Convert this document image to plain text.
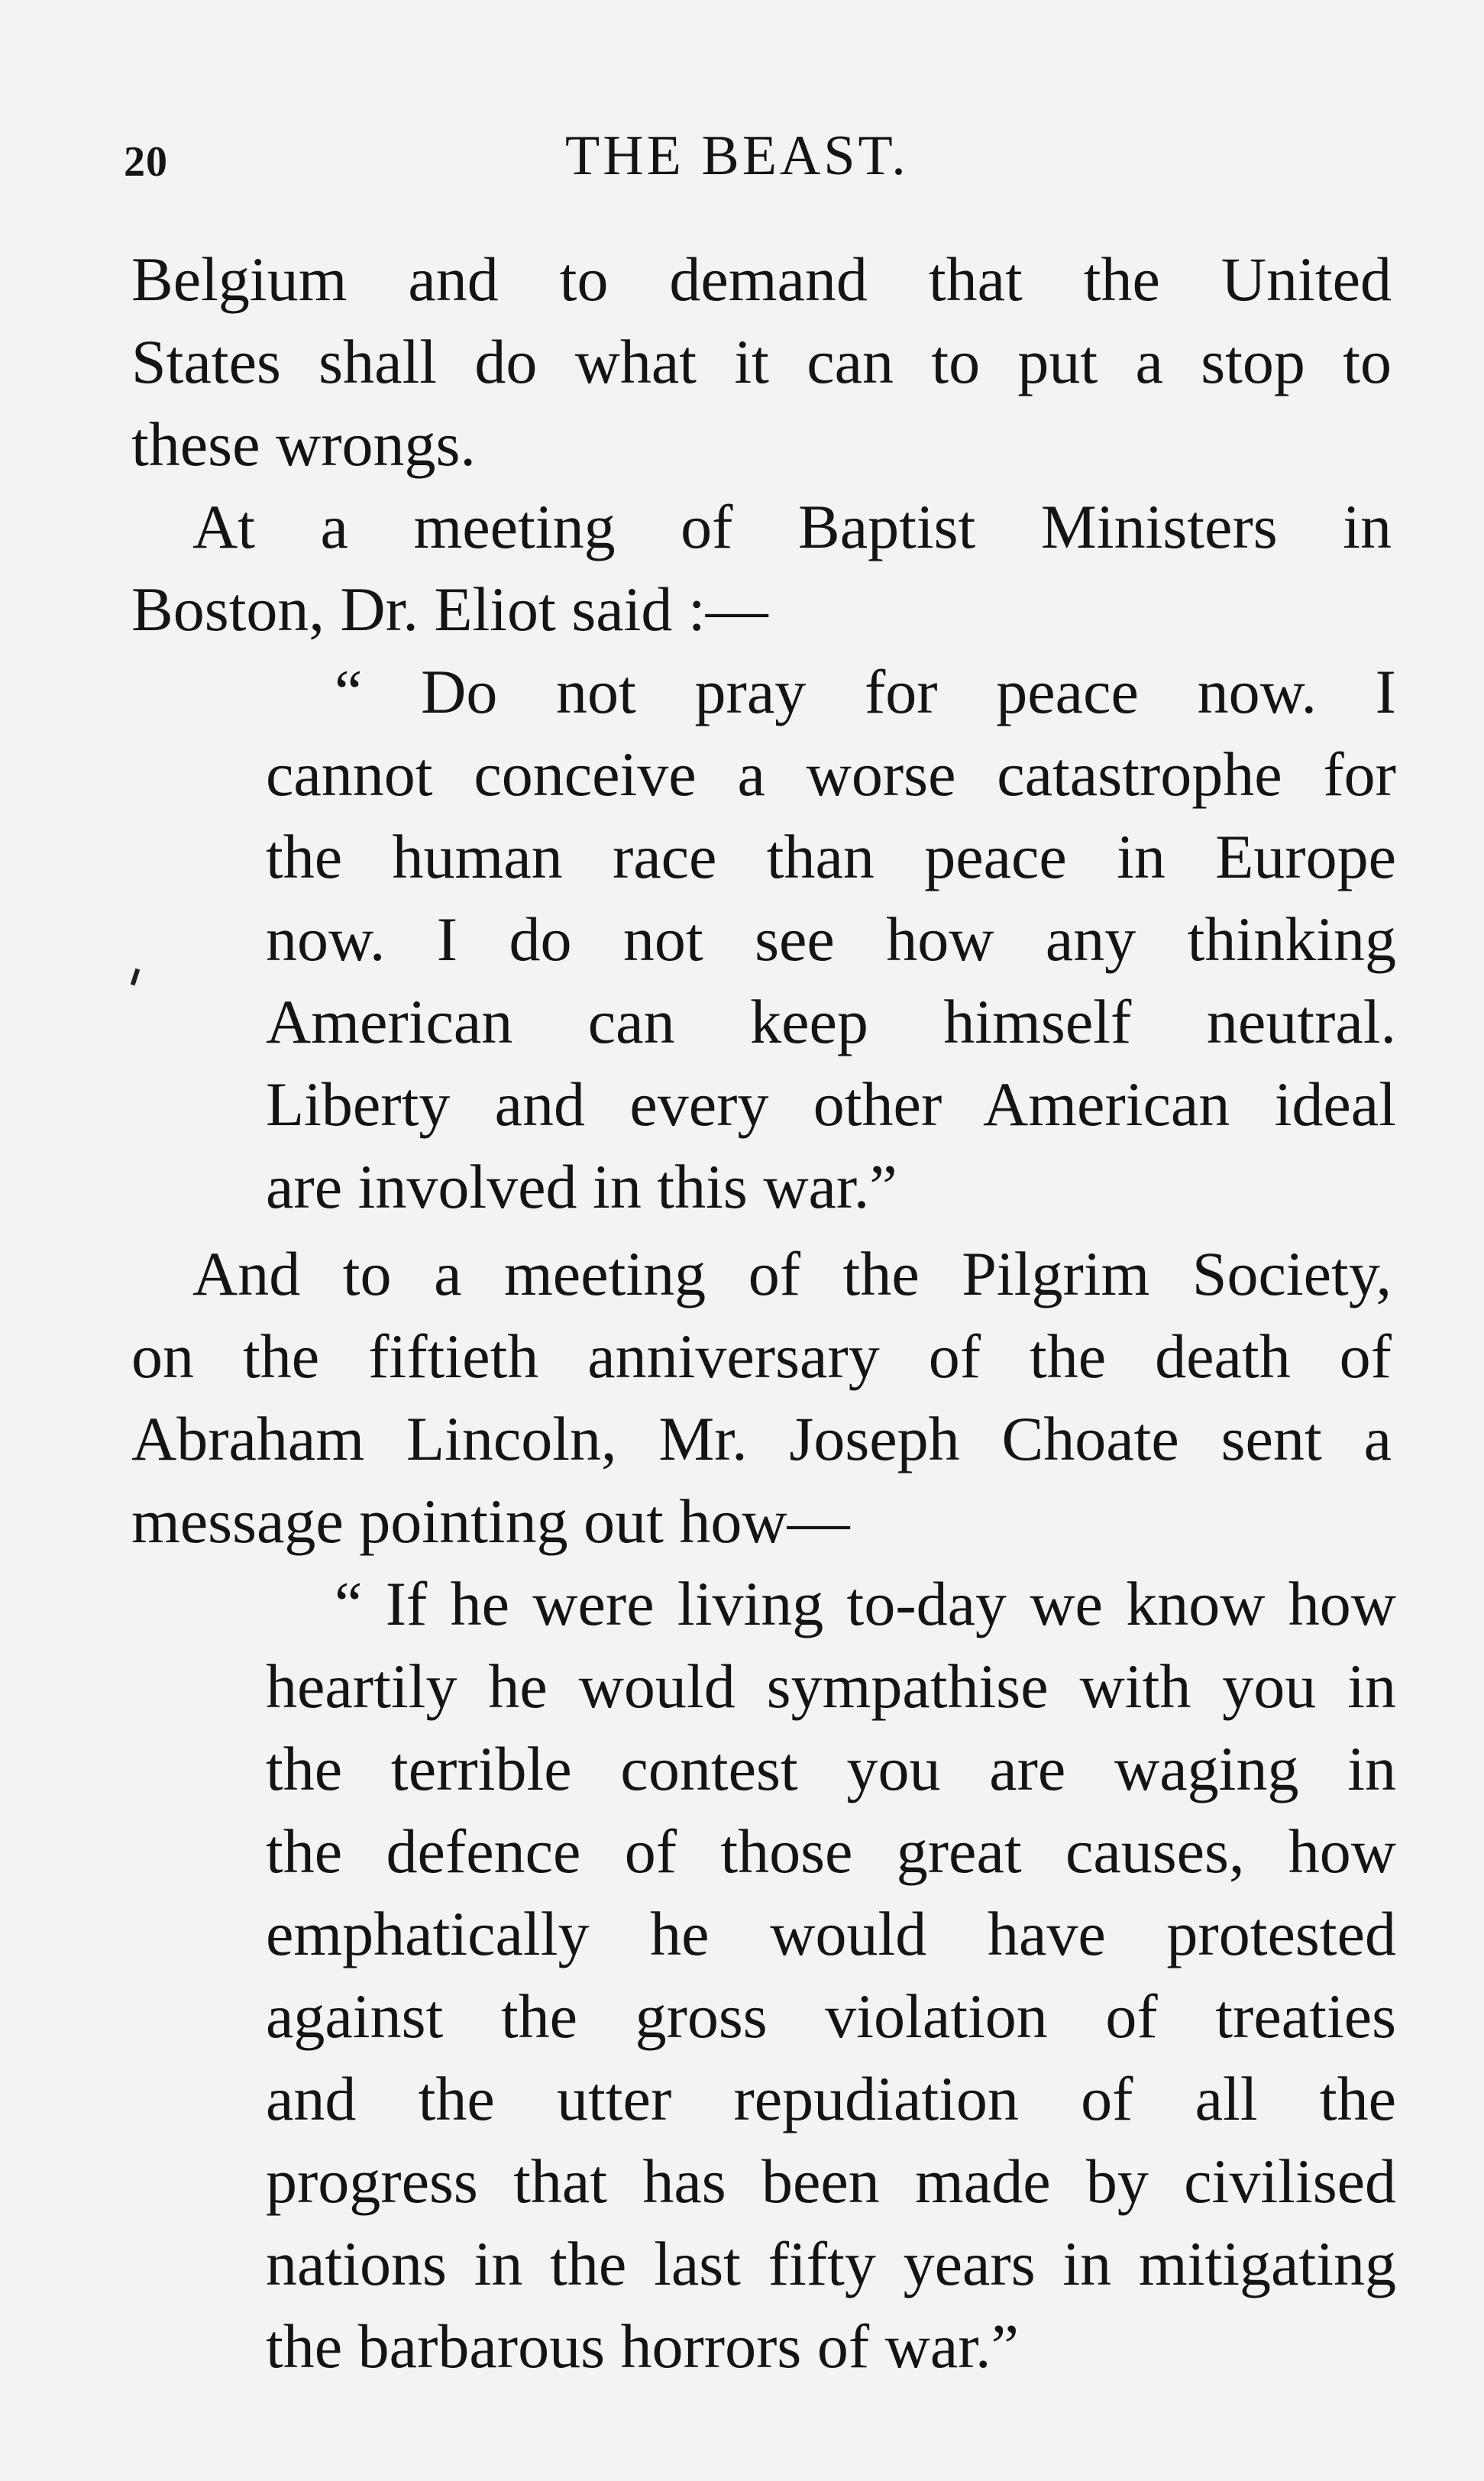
20	THE BEAST.
Belgium and to demand that the United
States shall do what it can to put a stop to
these wrongs.
At a meeting of Baptist Ministers in
Boston, Dr. Eliot said :—
“ Do not pray for peace now. I
cannot conceive a worse catastrophe for
the human race than peace in Europe
now. I do not see how any thinking
American can keep himself neutral.
Liberty and every other American ideal
are involved in this war.”
And to a meeting of the Pilgrim Society,
on the fiftieth anniversary of the death of
Abraham Lincoln, Mr. Joseph Choate sent a
message pointing out how—
“ If he were living to-day we know how
heartily he would sympathise with you in
the terrible contest you are waging in
the defence of those great causes, how
emphatically he would have protested
against the gross violation of treaties
and the utter repudiation of all the
progress that has been made by civilised
nations in the last fifty years in mitigating
the barbarous horrors of war.”
